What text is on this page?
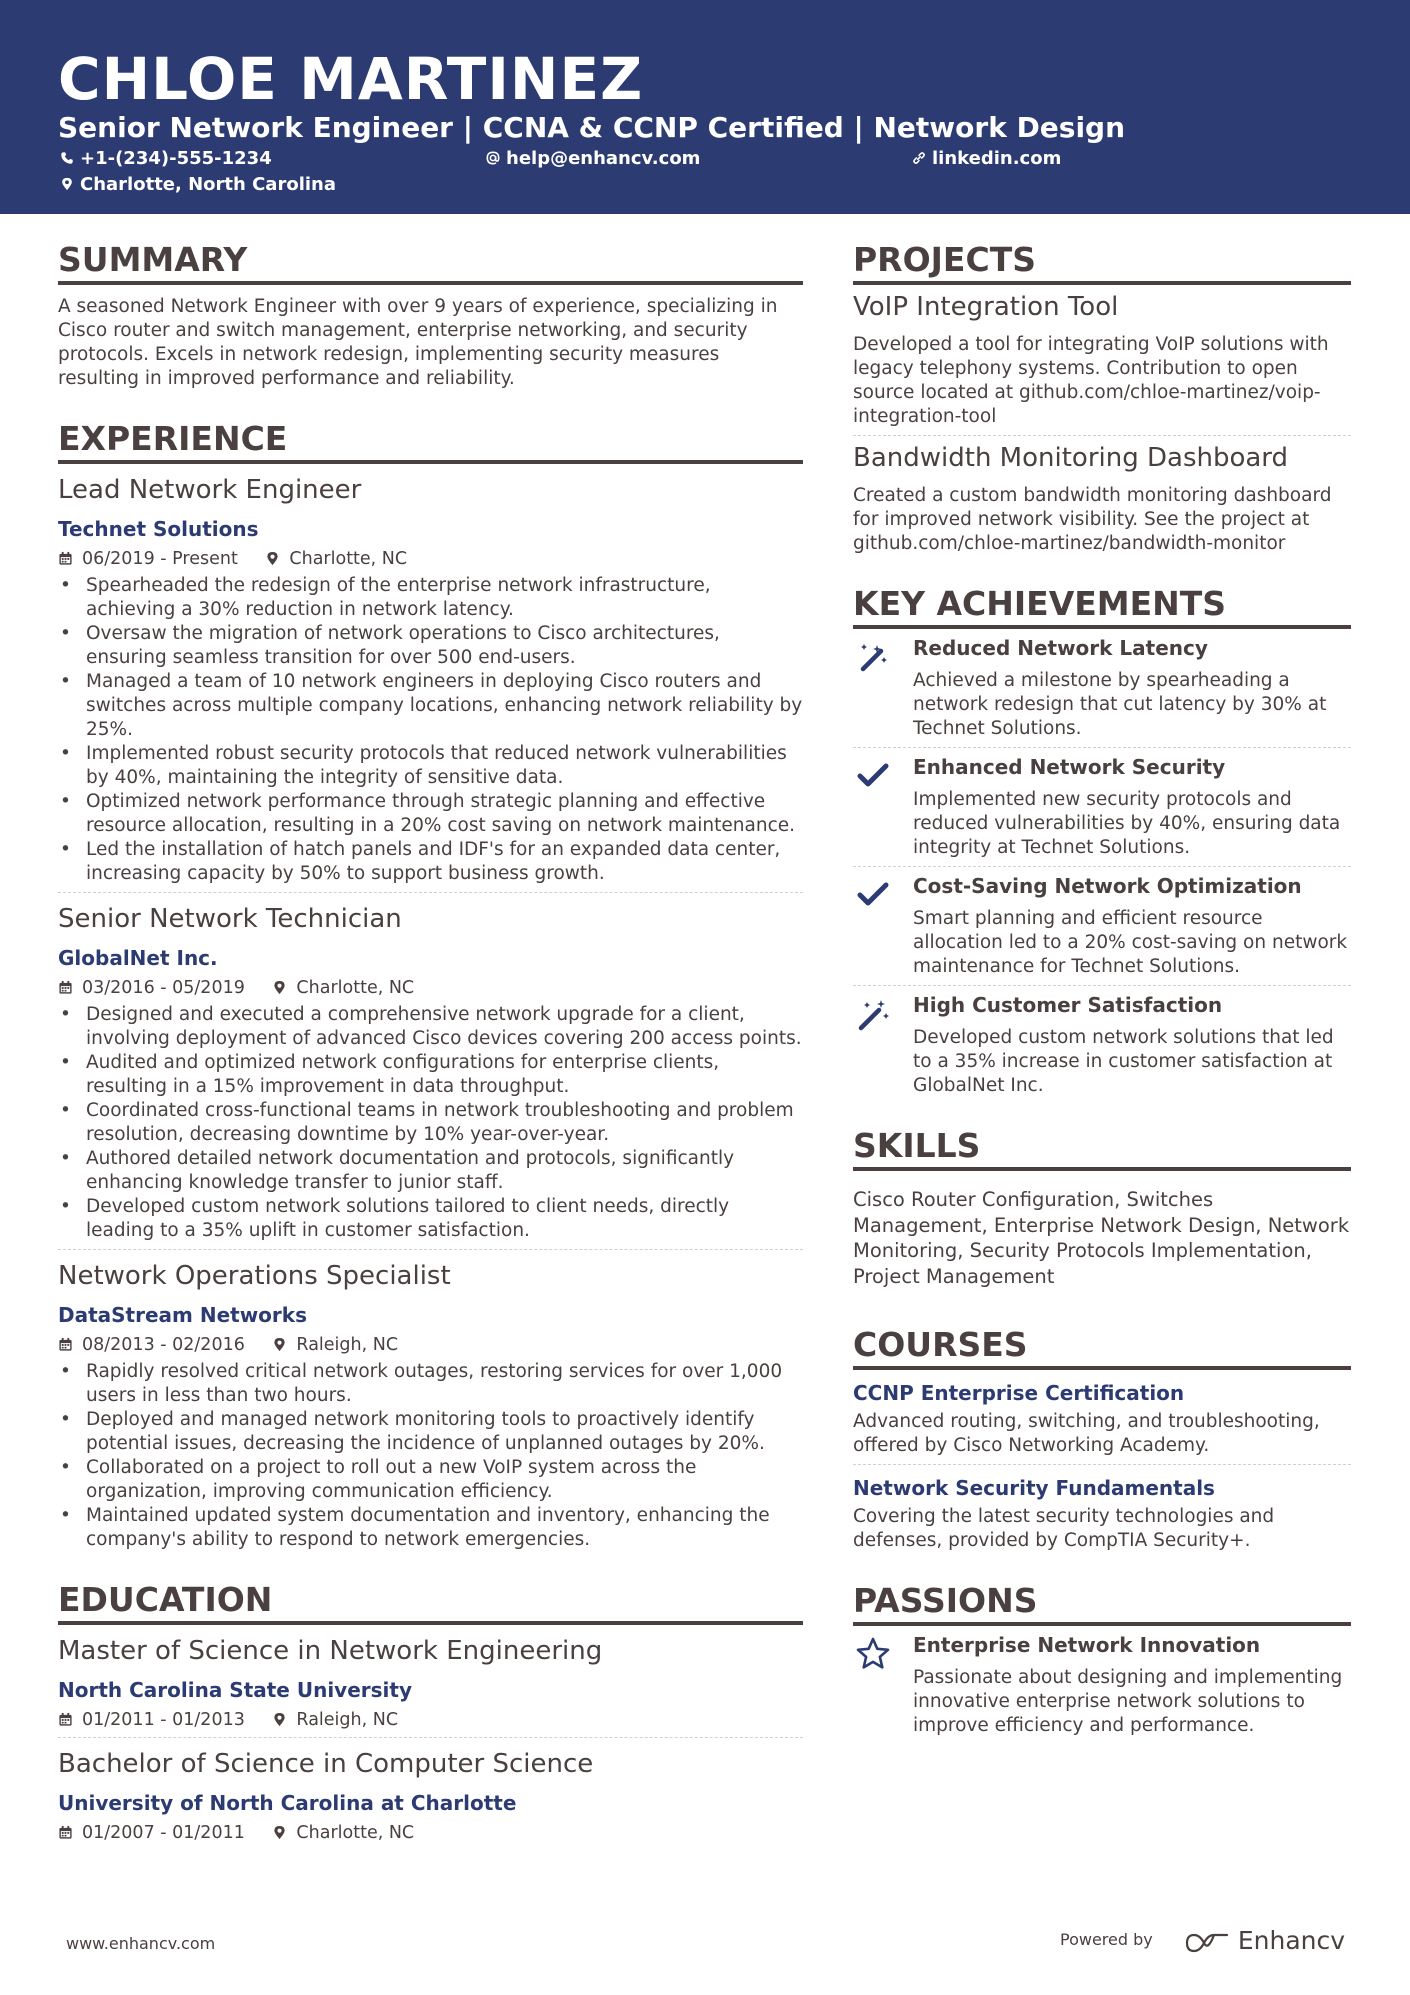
CHLOE MARTINEZ
Senior Network Engineer | CCNA & CCNP Certified | Network Design
+1-(234)-555-1234	help@enhancv.com	linkedin.com
Charlotte, North Carolina
SUMMARY

A seasoned Network Engineer with over 9 years of experience, specializing in Cisco router and switch management, enterprise networking, and security protocols. Excels in network redesign, implementing security measures resulting in improved performance and reliability.

EXPERIENCE
Lead Network Engineer
Technet Solutions
06/2019 - Present	Charlotte, NC
• Spearheaded the redesign of the enterprise network infrastructure, achieving a 30% reduction in network latency.
• Oversaw the migration of network operations to Cisco architectures, ensuring seamless transition for over 500 end-users.
• Managed a team of 10 network engineers in deploying Cisco routers and switches across multiple company locations, enhancing network reliability by 25%.
• Implemented robust security protocols that reduced network vulnerabilities by 40%, maintaining the integrity of sensitive data.
• Optimized network performance through strategic planning and effective resource allocation, resulting in a 20% cost saving on network maintenance.
• Led the installation of hatch panels and IDF's for an expanded data center, increasing capacity by 50% to support business growth.
Senior Network Technician
GlobalNet Inc.
03/2016 - 05/2019	Charlotte, NC
• Designed and executed a comprehensive network upgrade for a client, involving deployment of advanced Cisco devices covering 200 access points.
• Audited and optimized network configurations for enterprise clients, resulting in a 15% improvement in data throughput.
• Coordinated cross-functional teams in network troubleshooting and problem resolution, decreasing downtime by 10% year-over-year.
• Authored detailed network documentation and protocols, significantly enhancing knowledge transfer to junior staff.
• Developed custom network solutions tailored to client needs, directly leading to a 35% uplift in customer satisfaction.
Network Operations Specialist
DataStream Networks
08/2013 - 02/2016	Raleigh, NC
• Rapidly resolved critical network outages, restoring services for over 1,000 users in less than two hours.
• Deployed and managed network monitoring tools to proactively identify potential issues, decreasing the incidence of unplanned outages by 20%.
• Collaborated on a project to roll out a new VoIP system across the organization, improving communication efficiency.
• Maintained updated system documentation and inventory, enhancing the company's ability to respond to network emergencies.
EDUCATION
Master of Science in Network Engineering
North Carolina State University
01/2011 - 01/2013	Raleigh, NC
Bachelor of Science in Computer Science
University of North Carolina at Charlotte
01/2007 - 01/2011	Charlotte, NC
PROJECTS
VoIP Integration Tool

Developed a tool for integrating VoIP solutions with legacy telephony systems. Contribution to open source located at github.com/chloe-martinez/voip-integration-tool

Bandwidth Monitoring Dashboard

Created a custom bandwidth monitoring dashboard for improved network visibility. See the project at github.com/chloe-martinez/bandwidth-monitor

KEY ACHIEVEMENTS
Reduced Network Latency
Achieved a milestone by spearheading a network redesign that cut latency by 30% at Technet Solutions.
Enhanced Network Security
Implemented new security protocols and reduced vulnerabilities by 40%, ensuring data integrity at Technet Solutions.
Cost-Saving Network Optimization
Smart planning and efficient resource allocation led to a 20% cost-saving on network maintenance for Technet Solutions.
High Customer Satisfaction
Developed custom network solutions that led to a 35% increase in customer satisfaction at GlobalNet Inc.
SKILLS

Cisco Router Configuration, Switches Management, Enterprise Network Design, Network Monitoring, Security Protocols Implementation, Project Management

COURSES
CCNP Enterprise Certification

Advanced routing, switching, and troubleshooting, offered by Cisco Networking Academy.

Network Security Fundamentals

Covering the latest security technologies and defenses, provided by CompTIA Security+.

PASSIONS
Enterprise Network Innovation
Passionate about designing and implementing innovative enterprise network solutions to improve efficiency and performance.
www.enhancv.com	Powered by	Enhancv
